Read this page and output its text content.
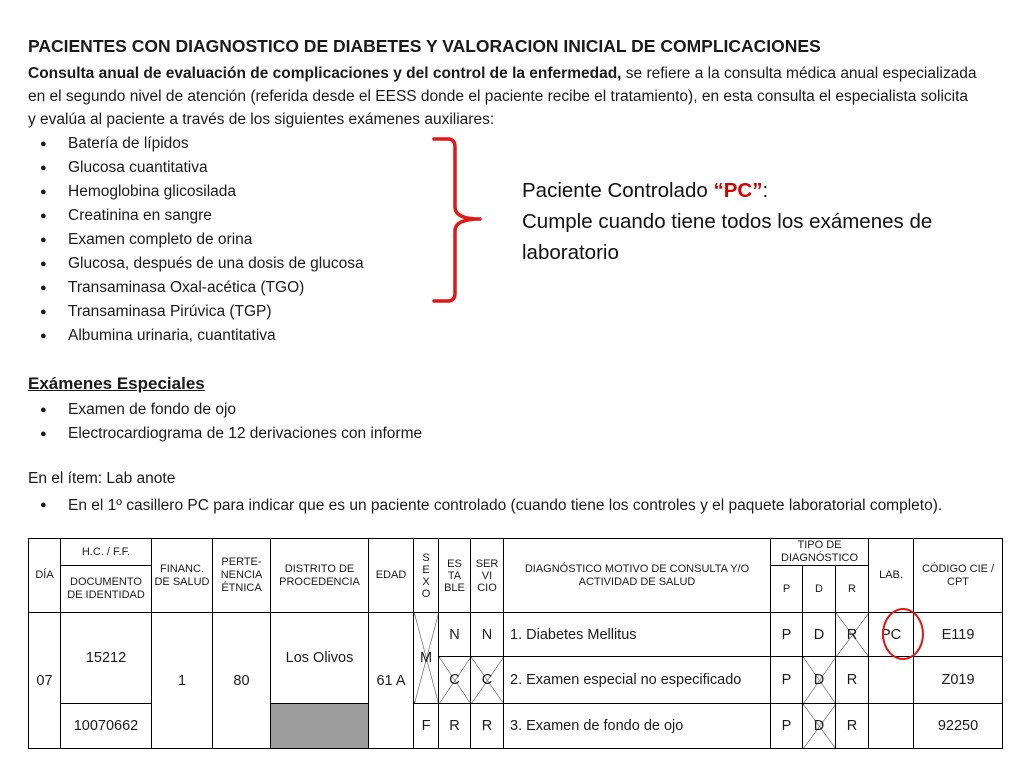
PACIENTES CON DIAGNOSTICO DE DIABETES Y VALORACION INICIAL DE COMPLICACIONES
Consulta anual de evaluación de complicaciones y del control de la enfermedad, se refiere a la consulta médica anual especializada en el segundo nivel de atención (referida desde el EESS donde el paciente recibe el tratamiento), en esta consulta el especialista solicita y evalúa al paciente a través de los siguientes exámenes auxiliares:
● Batería de lípidos
● Glucosa cuantitativa
● Hemoglobina glicosilada
● Creatinina en sangre
● Examen completo de orina
● Glucosa, después de una dosis de glucosa
● Transaminasa Oxal-acética (TGO)
● Transaminasa Pirúvica (TGP)
● Albumina urinaria, cuantitativa
Paciente Controlado “PC”:
Cumple cuando tiene todos los exámenes de
laboratorio
Exámenes Especiales
● Examen de fondo de ojo
● Electrocardiograma de 12 derivaciones con informe
En el ítem: Lab anote
●	En el 1º casillero PC para indicar que es un paciente controlado (cuando tiene los controles y el paquete laboratorial completo).
DÍA	H.C. / F.F.	FINANC. DE SALUD	PERTE- NENCIA ÉTNICA	DISTRITO DE PROCEDENCIA	EDAD	S
E
X
O	ES
TA
BLE	SER
VI
CIO	DIAGNÓSTICO MOTIVO DE CONSULTA Y/O ACTIVIDAD DE SALUD	TIPO DE DIAGNÓSTICO			LAB.	CÓDIGO CIE / CPT
	DOCUMENTO DE IDENTIDAD									P	D	R		
07	15212	1	80	Los Olivos	61 A	M	N	N	1. Diabetes Mellitus	P	D	R	PC	E119
							C	C	2. Examen especial no especificado	P	D	R		Z019
	10070662					F	R	R	3. Examen de fondo de ojo	P	D	R		92250
